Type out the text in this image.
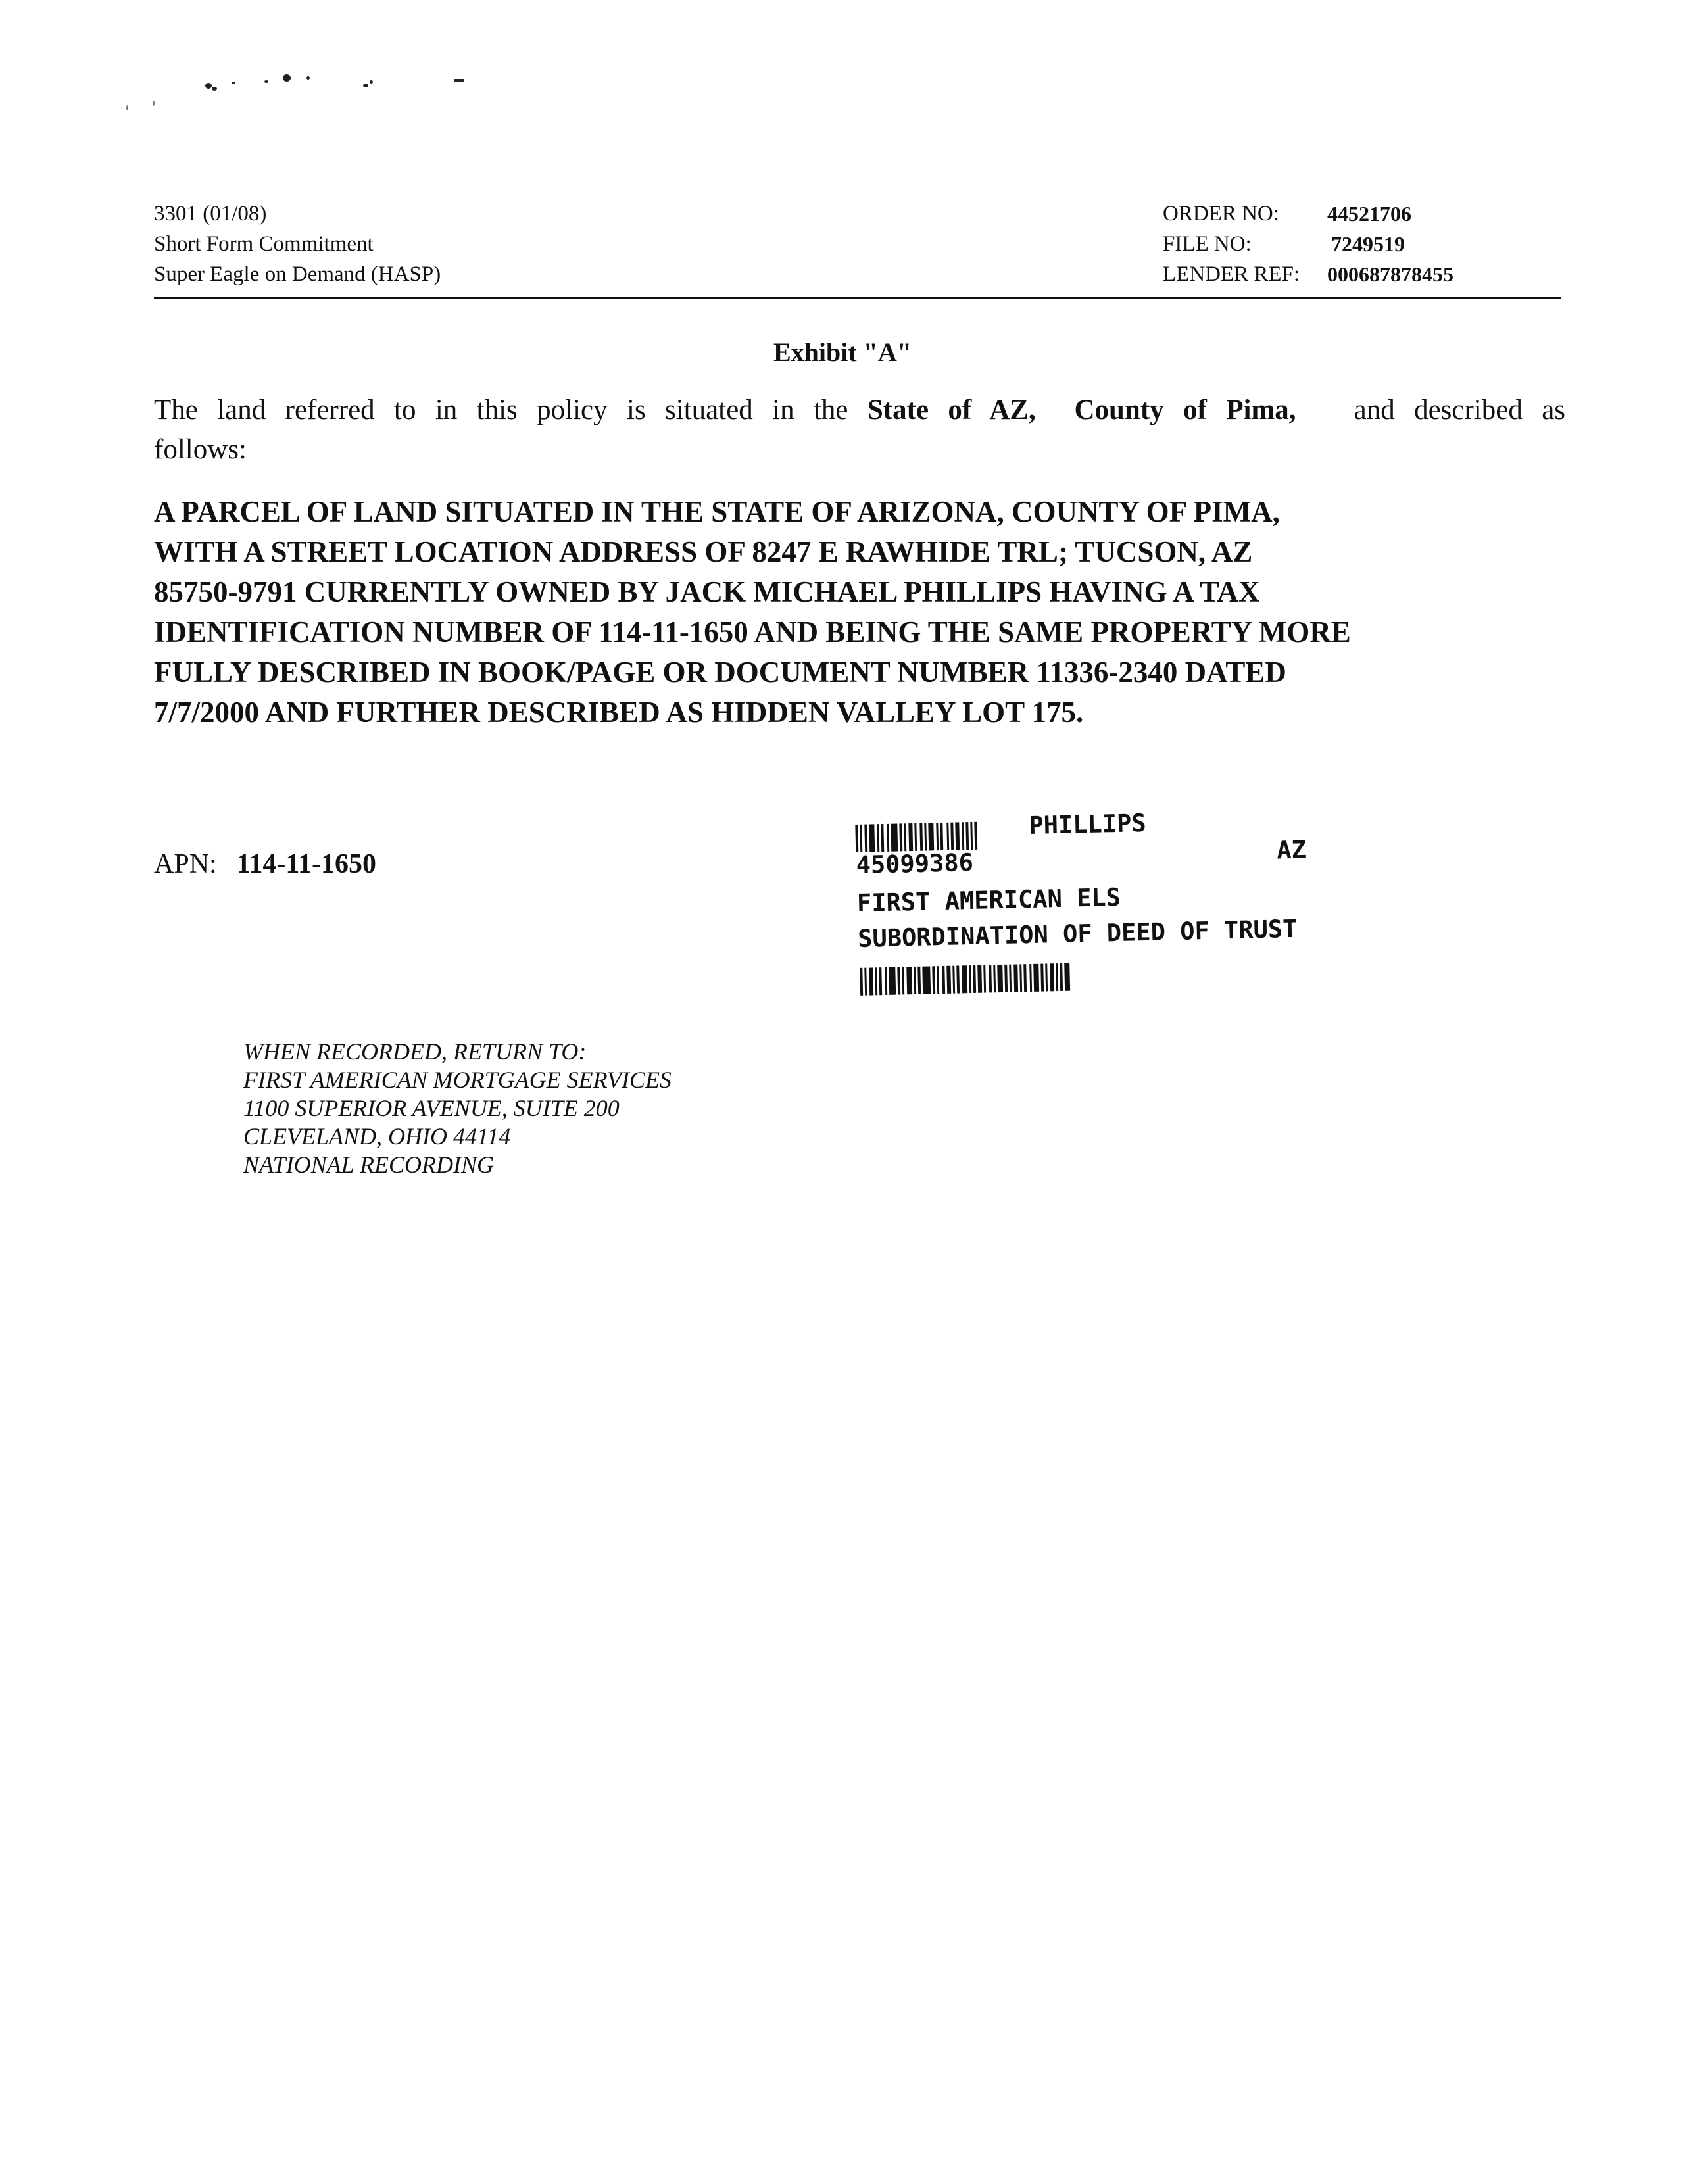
3301 (01/08)
Short Form Commitment
Super Eagle on Demand (HASP)
ORDER NO:	44521706
FILE NO:	7249519
LENDER REF:	000687878455
Exhibit "A"

The land referred to in this policy is situated in the State of AZ, County of Pima,   and described as

follows:

A PARCEL OF LAND SITUATED IN THE STATE OF ARIZONA, COUNTY OF PIMA,
WITH A STREET LOCATION ADDRESS OF 8247 E RAWHIDE TRL; TUCSON, AZ
85750-9791 CURRENTLY OWNED BY JACK MICHAEL PHILLIPS HAVING A TAX
IDENTIFICATION NUMBER OF 114-11-1650 AND BEING THE SAME PROPERTY MORE
FULLY DESCRIBED IN BOOK/PAGE OR DOCUMENT NUMBER 11336-2340 DATED
7/7/2000 AND FURTHER DESCRIBED AS HIDDEN VALLEY LOT 175.
APN: 114-11-1650
PHILLIPS
45099386	AZ
FIRST AMERICAN ELS
SUBORDINATION OF DEED OF TRUST
WHEN RECORDED, RETURN TO:
FIRST AMERICAN MORTGAGE SERVICES
1100 SUPERIOR AVENUE, SUITE 200
CLEVELAND, OHIO 44114
NATIONAL RECORDING
